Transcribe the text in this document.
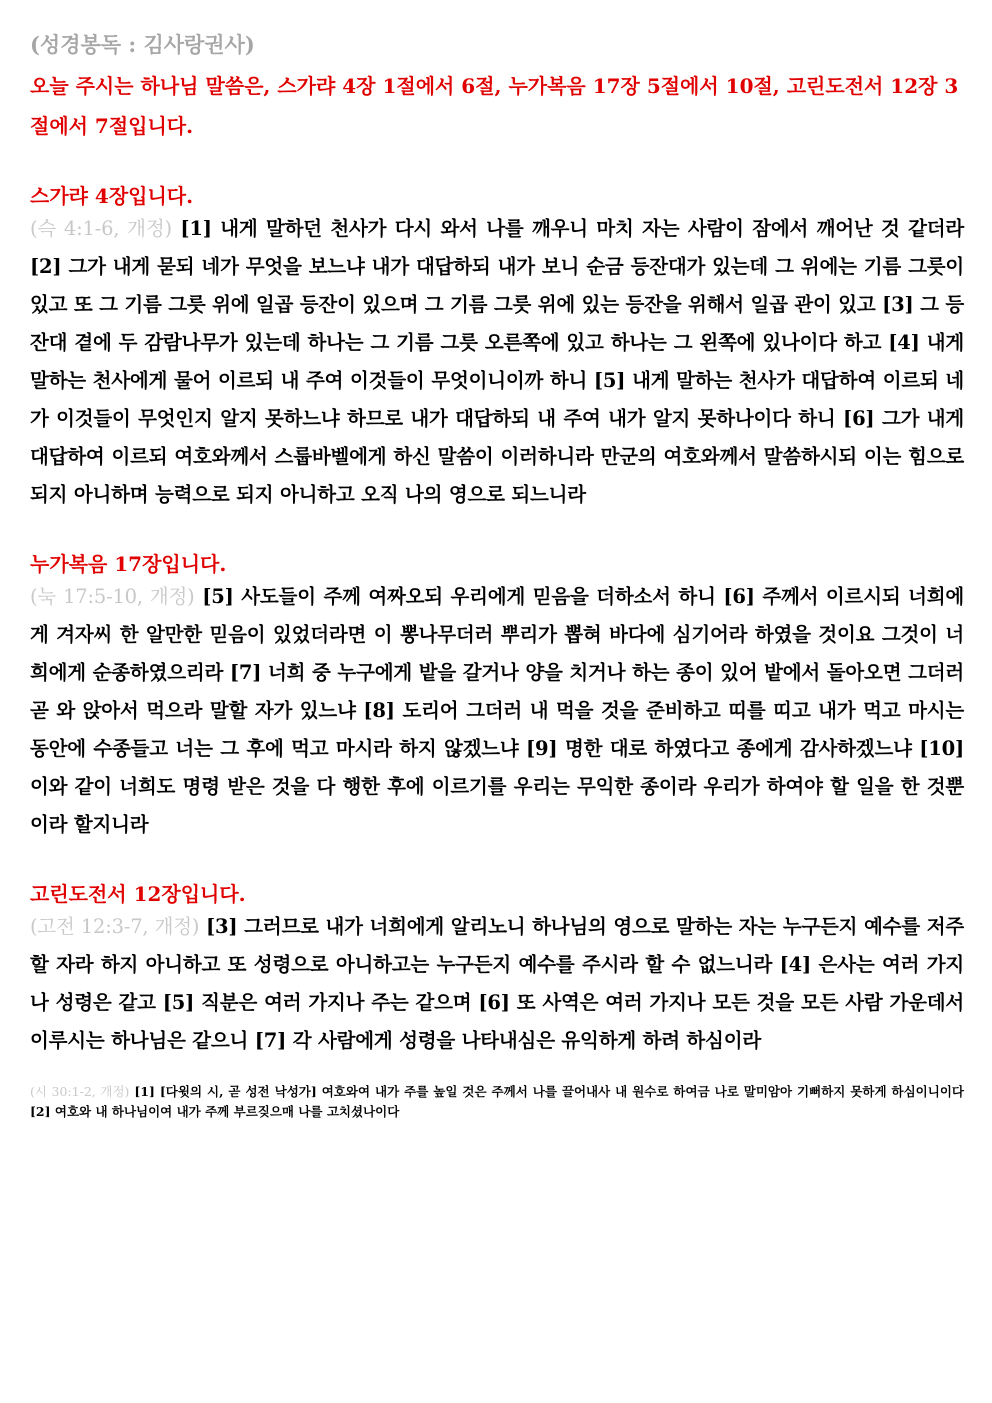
(성경봉독 : 김사랑권사)

오늘 주시는 하나님 말씀은, 스가랴 4장 1절에서 6절, 누가복음 17장 5절에서 10절, 고린도전서 12장 3절에서 7절입니다.

스가랴 4장입니다.

(슥 4:1-6, 개정) [1] 내게 말하던 천사가 다시 와서 나를 깨우니 마치 자는 사람이 잠에서 깨어난 것 같더라 [2] 그가 내게 묻되 네가 무엇을 보느냐 내가 대답하되 내가 보니 순금 등잔대가 있는데 그 위에는 기름 그릇이 있고 또 그 기름 그릇 위에 일곱 등잔이 있으며 그 기름 그릇 위에 있는 등잔을 위해서 일곱 관이 있고 [3] 그 등잔대 곁에 두 감람나무가 있는데 하나는 그 기름 그릇 오른쪽에 있고 하나는 그 왼쪽에 있나이다 하고 [4] 내게 말하는 천사에게 물어 이르되 내 주여 이것들이 무엇이니이까 하니 [5] 내게 말하는 천사가 대답하여 이르되 네가 이것들이 무엇인지 알지 못하느냐 하므로 내가 대답하되 내 주여 내가 알지 못하나이다 하니 [6] 그가 내게 대답하여 이르되 여호와께서 스룹바벨에게 하신 말씀이 이러하니라 만군의 여호와께서 말씀하시되 이는 힘으로 되지 아니하며 능력으로 되지 아니하고 오직 나의 영으로 되느니라

누가복음 17장입니다.

(눅 17:5-10, 개정) [5] 사도들이 주께 여짜오되 우리에게 믿음을 더하소서 하니 [6] 주께서 이르시되 너희에게 겨자씨 한 알만한 믿음이 있었더라면 이 뽕나무더러 뿌리가 뽑혀 바다에 심기어라 하였을 것이요 그것이 너희에게 순종하였으리라 [7] 너희 중 누구에게 밭을 갈거나 양을 치거나 하는 종이 있어 밭에서 돌아오면 그더러 곧 와 앉아서 먹으라 말할 자가 있느냐 [8] 도리어 그더러 내 먹을 것을 준비하고 띠를 띠고 내가 먹고 마시는 동안에 수종들고 너는 그 후에 먹고 마시라 하지 않겠느냐 [9] 명한 대로 하였다고 종에게 감사하겠느냐 [10] 이와 같이 너희도 명령 받은 것을 다 행한 후에 이르기를 우리는 무익한 종이라 우리가 하여야 할 일을 한 것뿐이라 할지니라

고린도전서 12장입니다.

(고전 12:3-7, 개정) [3] 그러므로 내가 너희에게 알리노니 하나님의 영으로 말하는 자는 누구든지 예수를 저주할 자라 하지 아니하고 또 성령으로 아니하고는 누구든지 예수를 주시라 할 수 없느니라 [4] 은사는 여러 가지나 성령은 같고 [5] 직분은 여러 가지나 주는 같으며 [6] 또 사역은 여러 가지나 모든 것을 모든 사람 가운데서 이루시는 하나님은 같으니 [7] 각 사람에게 성령을 나타내심은 유익하게 하려 하심이라

(시 30:1-2, 개정) [1] [다윗의 시, 곧 성전 낙성가] 여호와여 내가 주를 높일 것은 주께서 나를 끌어내사 내 원수로 하여금 나로 말미암아 기뻐하지 못하게 하심이니이다 [2] 여호와 내 하나님이여 내가 주께 부르짖으매 나를 고치셨나이다
